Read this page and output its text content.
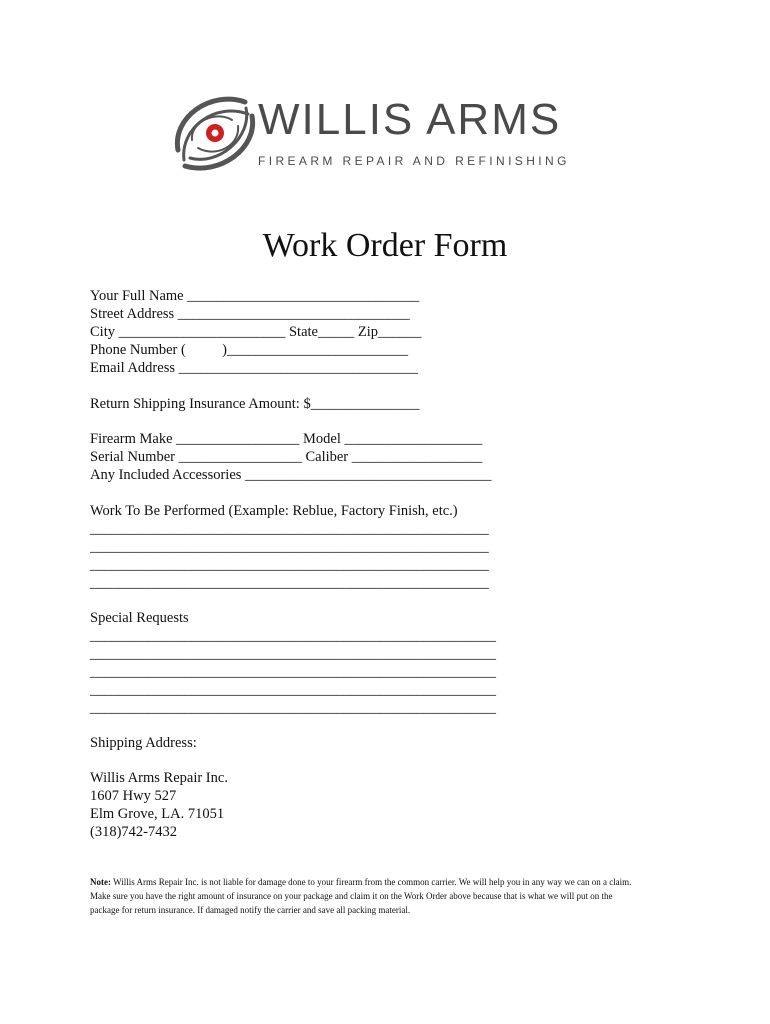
WILLIS ARMS
FIREARM REPAIR AND REFINISHING
Work Order Form
Your Full Name ________________________________
Street Address ________________________________
City _______________________ State_____ Zip______
Phone Number (          )_________________________
Email Address _________________________________
Return Shipping Insurance Amount: $_______________
Firearm Make _________________ Model ___________________
Serial Number _________________ Caliber __________________
Any Included Accessories __________________________________
Work To Be Performed (Example: Reblue, Factory Finish, etc.)
_______________________________________________________
_______________________________________________________
_______________________________________________________
_______________________________________________________
Special Requests
________________________________________________________
________________________________________________________
________________________________________________________
________________________________________________________
________________________________________________________
Shipping Address:
Willis Arms Repair Inc.
1607 Hwy 527
Elm Grove, LA. 71051
(318)742-7432
Note: Willis Arms Repair Inc. is not liable for damage done to your firearm from the common carrier. We will help you in any way we can on a claim. Make sure you have the right amount of insurance on your package and claim it on the Work Order above because that is what we will put on the package for return insurance. If damaged notify the carrier and save all packing material.
